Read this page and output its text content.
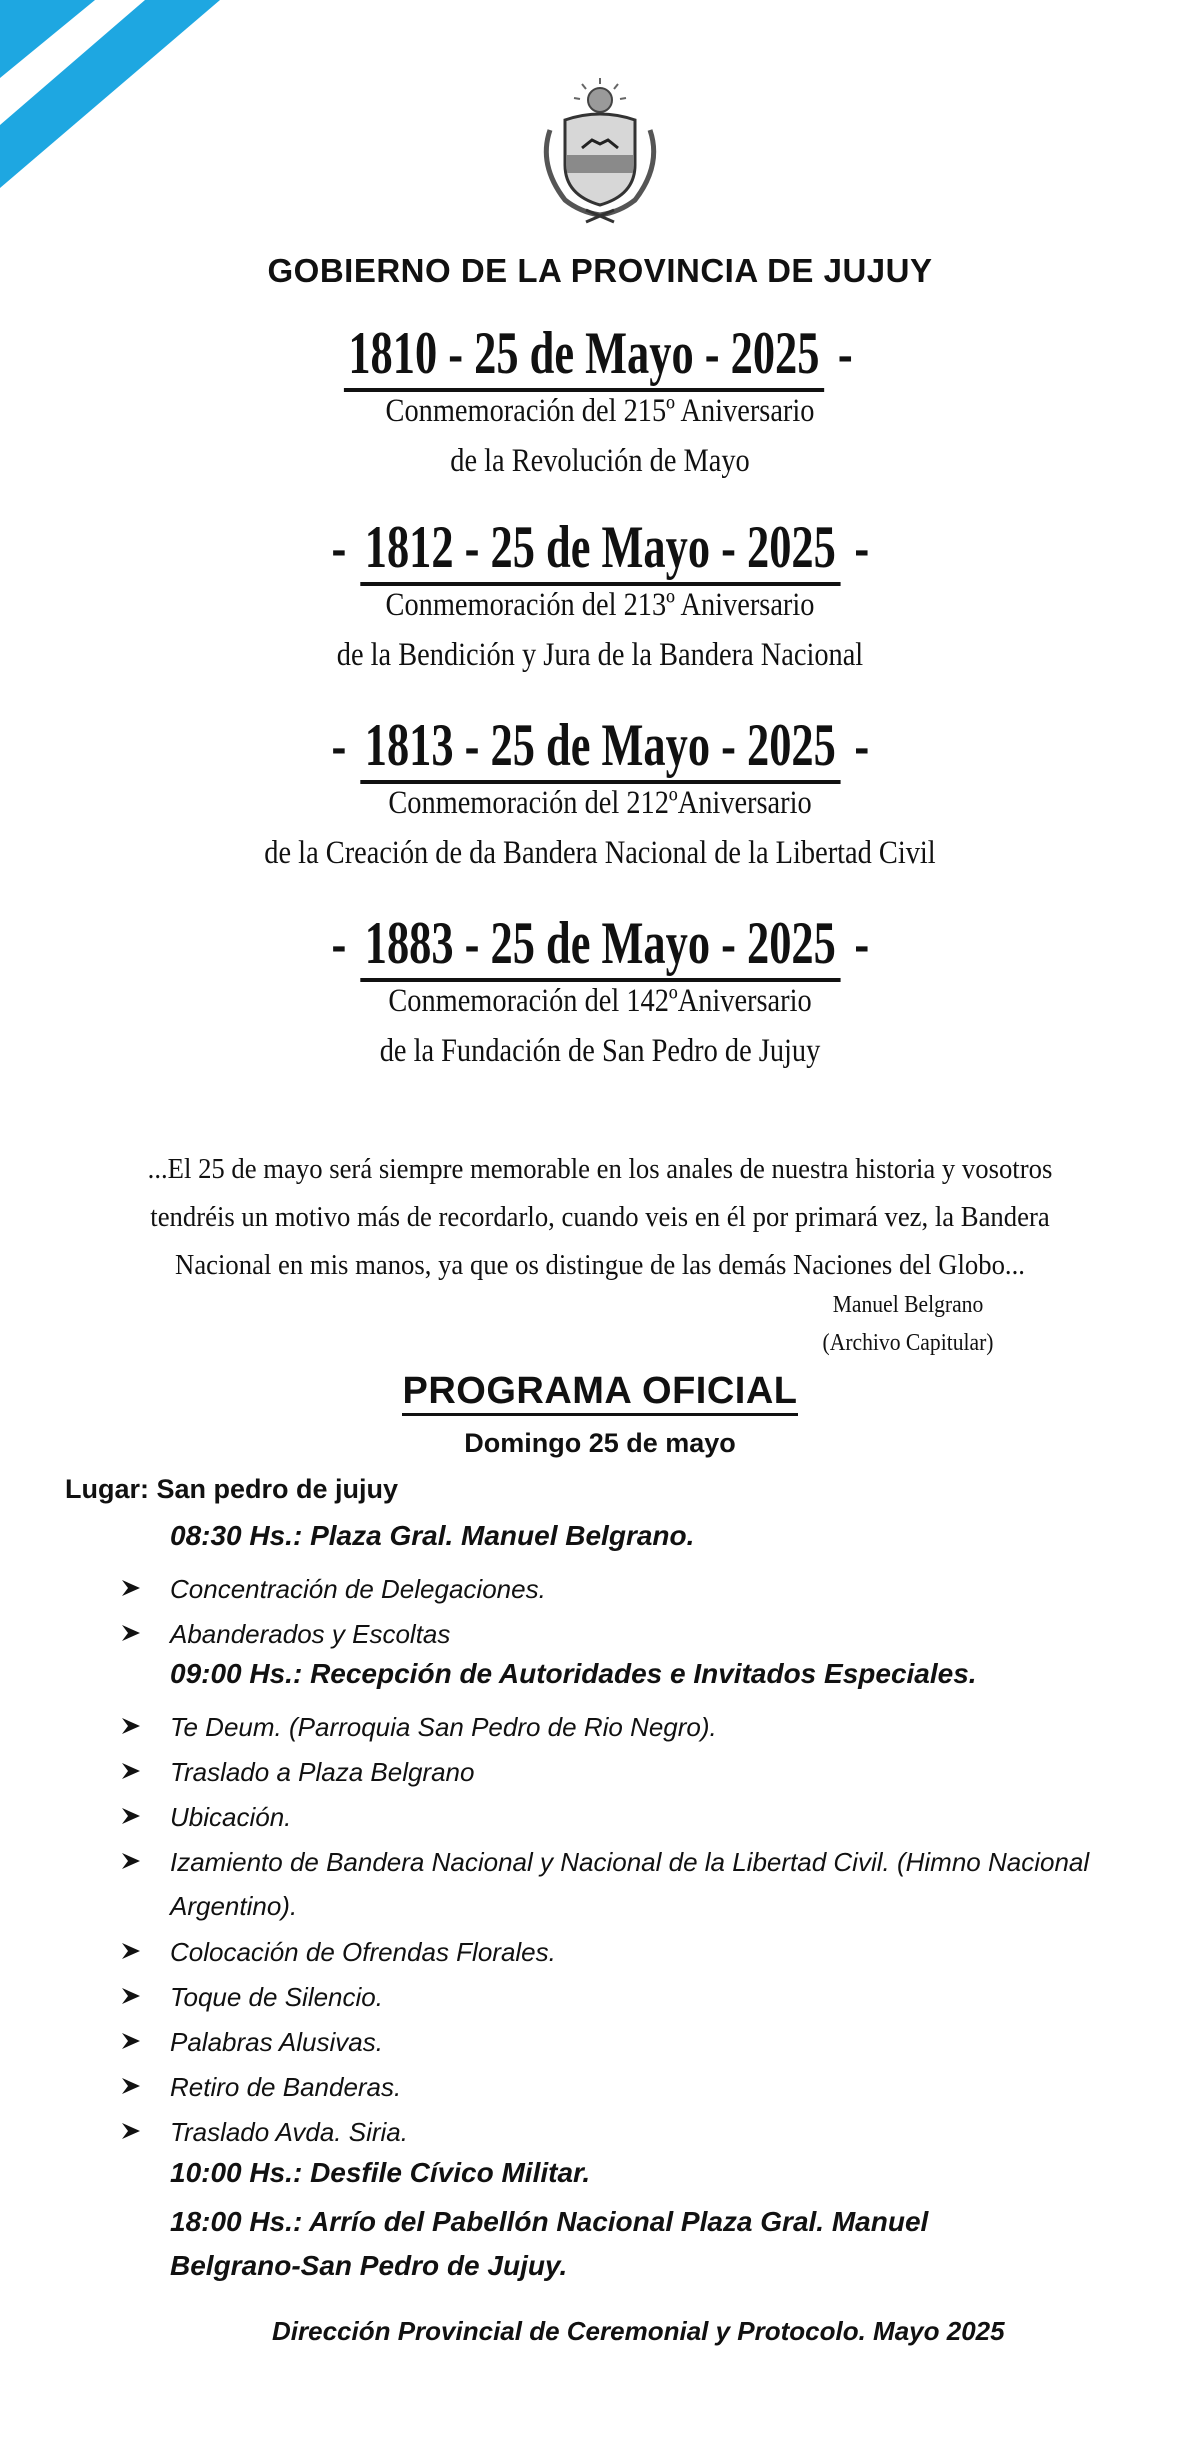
GOBIERNO DE LA PROVINCIA DE JUJUY
1810 - 25 de Mayo - 2025 -
Conmemoración del 215º Aniversario
de la Revolución de Mayo
- 1812 - 25 de Mayo - 2025 -
Conmemoración del 213º Aniversario
de la Bendición y Jura de la Bandera Nacional
- 1813 - 25 de Mayo - 2025 -
Conmemoración del 212ºAniversario
de la Creación de da Bandera Nacional de la Libertad Civil
- 1883 - 25 de Mayo - 2025 -
Conmemoración del 142ºAniversario
de la Fundación de San Pedro de Jujuy
...El 25 de mayo será siempre memorable en los anales de nuestra historia y vosotros
tendréis un motivo más de recordarlo, cuando veis en él por primará vez, la Bandera
Nacional en mis manos, ya que os distingue de las demás Naciones del Globo...
Manuel Belgrano
(Archivo Capitular)
PROGRAMA OFICIAL
Domingo 25 de mayo
Lugar: San pedro de jujuy
08:30 Hs.: Plaza Gral. Manuel Belgrano.
Concentración de Delegaciones.
Abanderados y Escoltas
09:00 Hs.: Recepción de Autoridades e Invitados Especiales.
Te Deum. (Parroquia San Pedro de Rio Negro).
Traslado a Plaza Belgrano
Ubicación.
Izamiento de Bandera Nacional y Nacional de la Libertad Civil. (Himno Nacional Argentino).
Colocación de Ofrendas Florales.
Toque de Silencio.
Palabras Alusivas.
Retiro de Banderas.
Traslado Avda. Siria.
10:00 Hs.: Desfile Cívico Militar.
18:00 Hs.: Arrío del Pabellón Nacional Plaza Gral. Manuel Belgrano-San Pedro de Jujuy.
Dirección Provincial de Ceremonial y Protocolo. Mayo 2025
